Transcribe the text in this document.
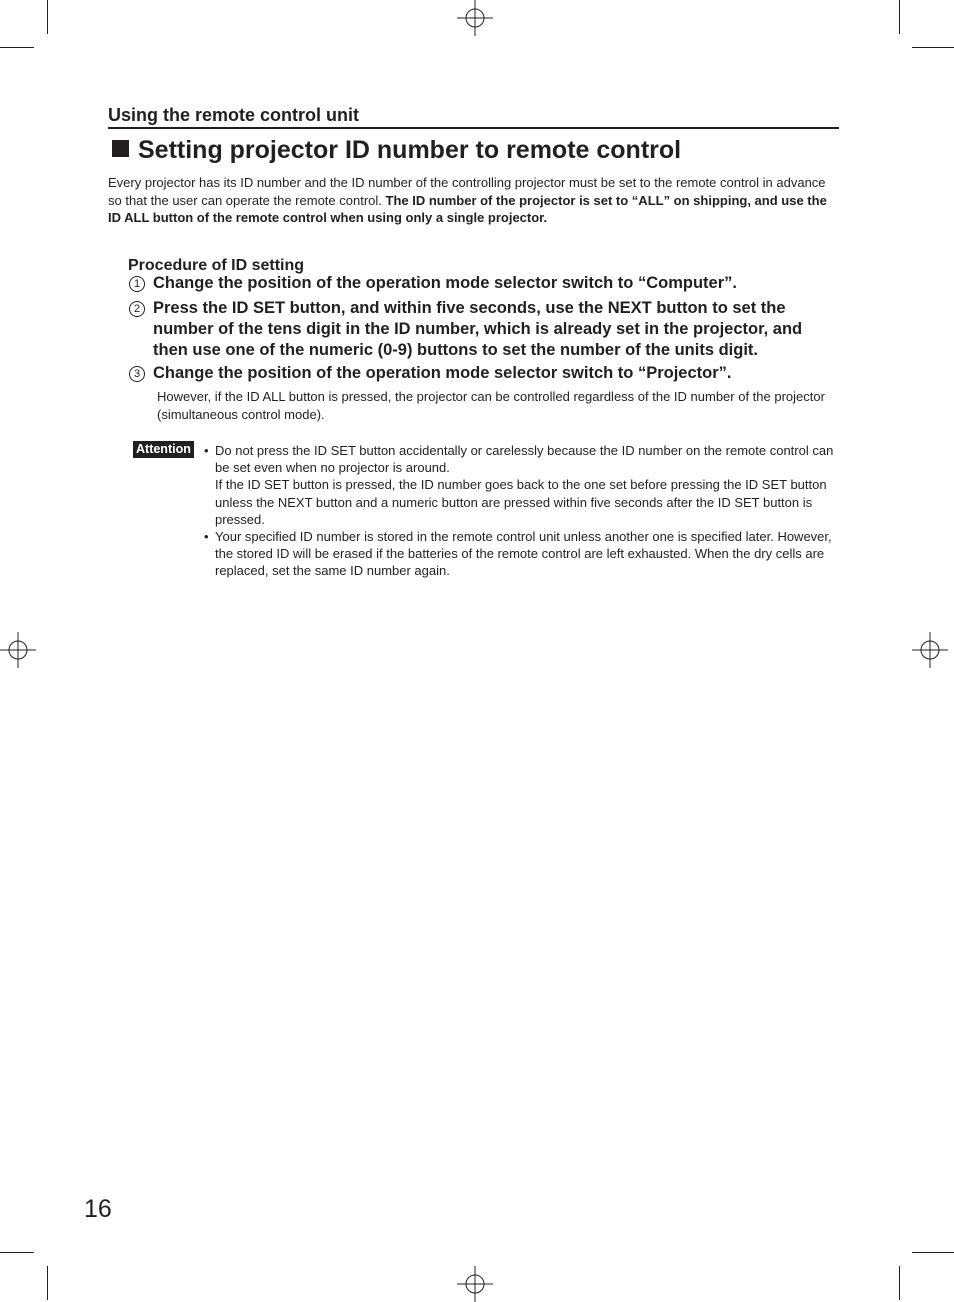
Using the remote control unit
Setting projector ID number to remote control
Every projector has its ID number and the ID number of the controlling projector must be set to the remote control in advance so that the user can operate the remote control. The ID number of the projector is set to “ALL” on shipping, and use the ID ALL button of the remote control when using only a single projector.
Procedure of ID setting
1 Change the position of the operation mode selector switch to “Computer”.
2 Press the ID SET button, and within five seconds, use the NEXT button to set the number of the tens digit in the ID number, which is already set in the projector, and then use one of the numeric (0-9) buttons to set the number of the units digit.
3 Change the position of the operation mode selector switch to “Projector”.
However, if the ID ALL button is pressed, the projector can be controlled regardless of the ID number of the projector (simultaneous control mode).
Attention • Do not press the ID SET button accidentally or carelessly because the ID number on the remote control can be set even when no projector is around.

If the ID SET button is pressed, the ID number goes back to the one set before pressing the ID SET button unless the NEXT button and a numeric button are pressed within five seconds after the ID SET button is pressed.

• Your specified ID number is stored in the remote control unit unless another one is specified later. However, the stored ID will be erased if the batteries of the remote control are left exhausted. When the dry cells are replaced, set the same ID number again.

16
